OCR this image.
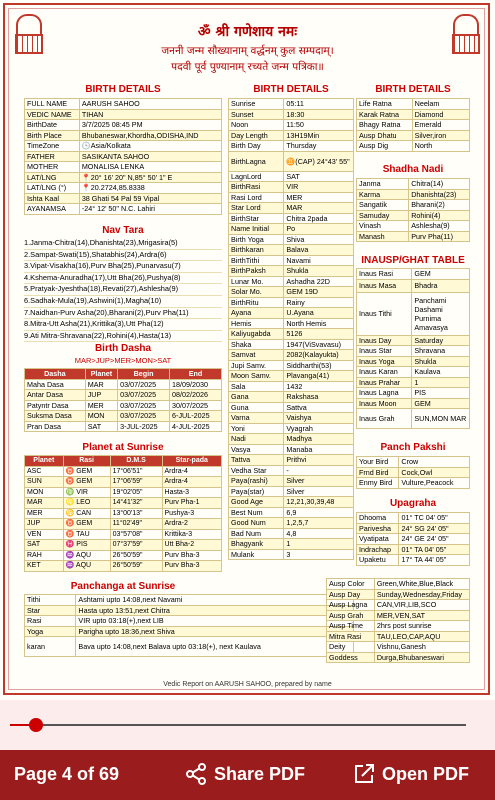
ॐ श्री गणेशाय नमः
जननी जन्म सौख्यानाम् वर्द्धनम् कुल सम्पदाम्।
पदवी पूर्व पुण्यानाम् रच्यते जन्म पत्रिका॥
BIRTH DETAILS	BIRTH DETAILS	BIRTH DETAILS
FULL NAME	AARUSH SAHOO
VEDIC NAME	TIHAN
BirthDate	3/7/2025 08:45 PM
Birth Place	Bhubaneswar,Khordha,ODISHA,IND
TimeZone	🕓Asia/Kolkata
FATHER	SASIKANTA SAHOO
MOTHER	MONALISA LENKA
LAT/LNG	📍20° 16' 20" N,85° 50' 1" E
LAT/LNG (°)	📍20.2724,85.8338
Ishta Kaal	38 Ghati 54 Pal 59 Vipal
AYANAMSA	-24° 12' 50" N.C. Lahiri
Nav Tara
1.Janma-Chitra(14),Dhanishta(23),Mrigasira(5)
2.Sampat-Swati(15),Shatabhis(24),Ardra(6)
3.Vipat-Visakha(16),Purv Bha(25),Punarvasu(7)
4.Kshema-Anuradha(17),Utt Bha(26),Pushya(8)
5.Pratyak-Jyeshtha(18),Revati(27),Ashlesha(9)
6.Sadhak-Mula(19),Ashwini(1),Magha(10)
7.Naidhan-Purv Asha(20),Bharani(2),Purv Pha(11)
8.Mitra-Utt Asha(21),Krittika(3),Utt Pha(12)
9.Ati Mitra-Shravana(22),Rohini(4),Hasta(13)
Birth Dasha
MAR>JUP>MER>MON>SAT
Dasha	Planet	Begin	End
Maha Dasa	MAR	03/07/2025	18/09/2030
Antar Dasa	JUP	03/07/2025	08/02/2026
Patyntr Dasa	MER	03/07/2025	30/07/2025
Suksma Dasa	MON	03/07/2025	6-JUL-2025
Pran Dasa	SAT	3-JUL-2025	4-JUL-2025
Planet at Sunrise
Planet	Rasi	D.M.S	Star-pada
ASC	♉ GEM	17°06'51"	Ardra-4
SUN	♉ GEM	17°06'59"	Ardra-4
MON	♍ VIR	19°02'05"	Hasta-3
MAR	♌ LEO	14°41'32"	Purv Pha-1
MER	♋ CAN	13°00'13"	Pushya-3
JUP	♉ GEM	11°02'49"	Ardra-2
VEN	♉ TAU	03°57'08"	Krittika-3
SAT	♓ PIS	07°37'59"	Utt Bha-2
RAH	♒ AQU	26°50'59"	Purv Bha-3
KET	♒ AQU	26°50'59"	Purv Bha-3
Panchanga at Sunrise
Tithi	Ashtami upto 14:08,next Navami
Star	Hasta upto 13:51,next Chitra
Rasi	VIR upto 03:18(+),next LIB
Yoga	Parigha upto 18:36,next Shiva
karan	Bava upto 14:08,next Balava upto 03:18(+), next Kaulava
Sunrise	05:11
Sunset	18:30
Noon	11:50
Day Length	13H19Min
Birth Day	Thursday
BirthLagna	♊(CAP) 24°43' 55"
LagnLord	SAT
BirthRasi	VIR
Rasi Lord	MER
Star Lord	MAR
BirthStar	Chitra 2pada
Name Initial	Po
Birth Yoga	Shiva
Birthkaran	Balava
BirthTithi	Navami
BirthPaksh	Shukla
Lunar Mo.	Ashadha 22D
Solar Mo.	GEM 19D
BirthRitu	Rainy
Ayana	U.Ayana
Hemis	North Hemis
Kaliyugabda	5126
Shaka	1947(ViSvavasu)
Samvat	2082(Kalayukta)
Jupi Samv.	Siddharthi(53)
Moon Samv.	Plavanga(41)
Sala	1432
Gana	Rakshasa
Guna	Sattva
Varna	Vaishya
Yoni	Vyagrah
Nadi	Madhya
Vasya	Manaba
Tattva	Prithvi
Vedha Star	-
Paya(rashi)	Silver
Paya(star)	Silver
Good Age	12,21,30,39,48
Best Num	6,9
Good Num	1,2,5,7
Bad Num	4,8
Bhagyank	1
Mulank	3
Ausp Color	Green,White,Blue,Black
Ausp Day	Sunday,Wednesday,Friday
Ausp Lagna	CAN,VIR,LIB,SCO
Ausp Grah	MER,VEN,SAT
Ausp Time	2hrs post sunrise
Mitra Rasi	TAU,LEO,CAP,AQU
Deity	Vishnu,Ganesh
Goddess	Durga,Bhubaneswari
Life Ratna	Neelam
Karak Ratna	Diamond
Bhagy Ratna	Emerald
Ausp Dhatu	Silver,iron
Ausp Dig	North
Shadha Nadi
Janma	Chitra(14)
Karma	Dhanishta(23)
Sangatik	Bharani(2)
Samuday	Rohini(4)
Vinash	Ashlesha(9)
Manash	Purv Pha(11)
INAUSP/GHAT TABLE
Inaus Rasi	GEM
Inaus Masa	Bhadra
Inaus Tithi	Panchami Dashami Purnima Amavasya
Inaus Day	Saturday
Inaus Star	Shravana
Inaus Yoga	Shukla
Inaus Karan	Kaulava
Inaus Prahar	1
Inaus Lagna	PIS
Inaus Moon	GEM
Inaus Grah	SUN,MON MAR
Panch Pakshi
Your Bird	Crow
Frnd Bird	Cock,Owl
Enmy Bird	Vulture,Peacock
Upagraha
Dhooma	01° TC 04' 05"
Parivesha	24° SG 24' 05"
Vyatipata	24° GE 24' 05"
Indrachap	01° TA 04' 05"
Upaketu	17° TA 44' 05"
Vedic Report on AARUSH SAHOO, prepared by name
Page 4 of 69	Share PDF	Open PDF
